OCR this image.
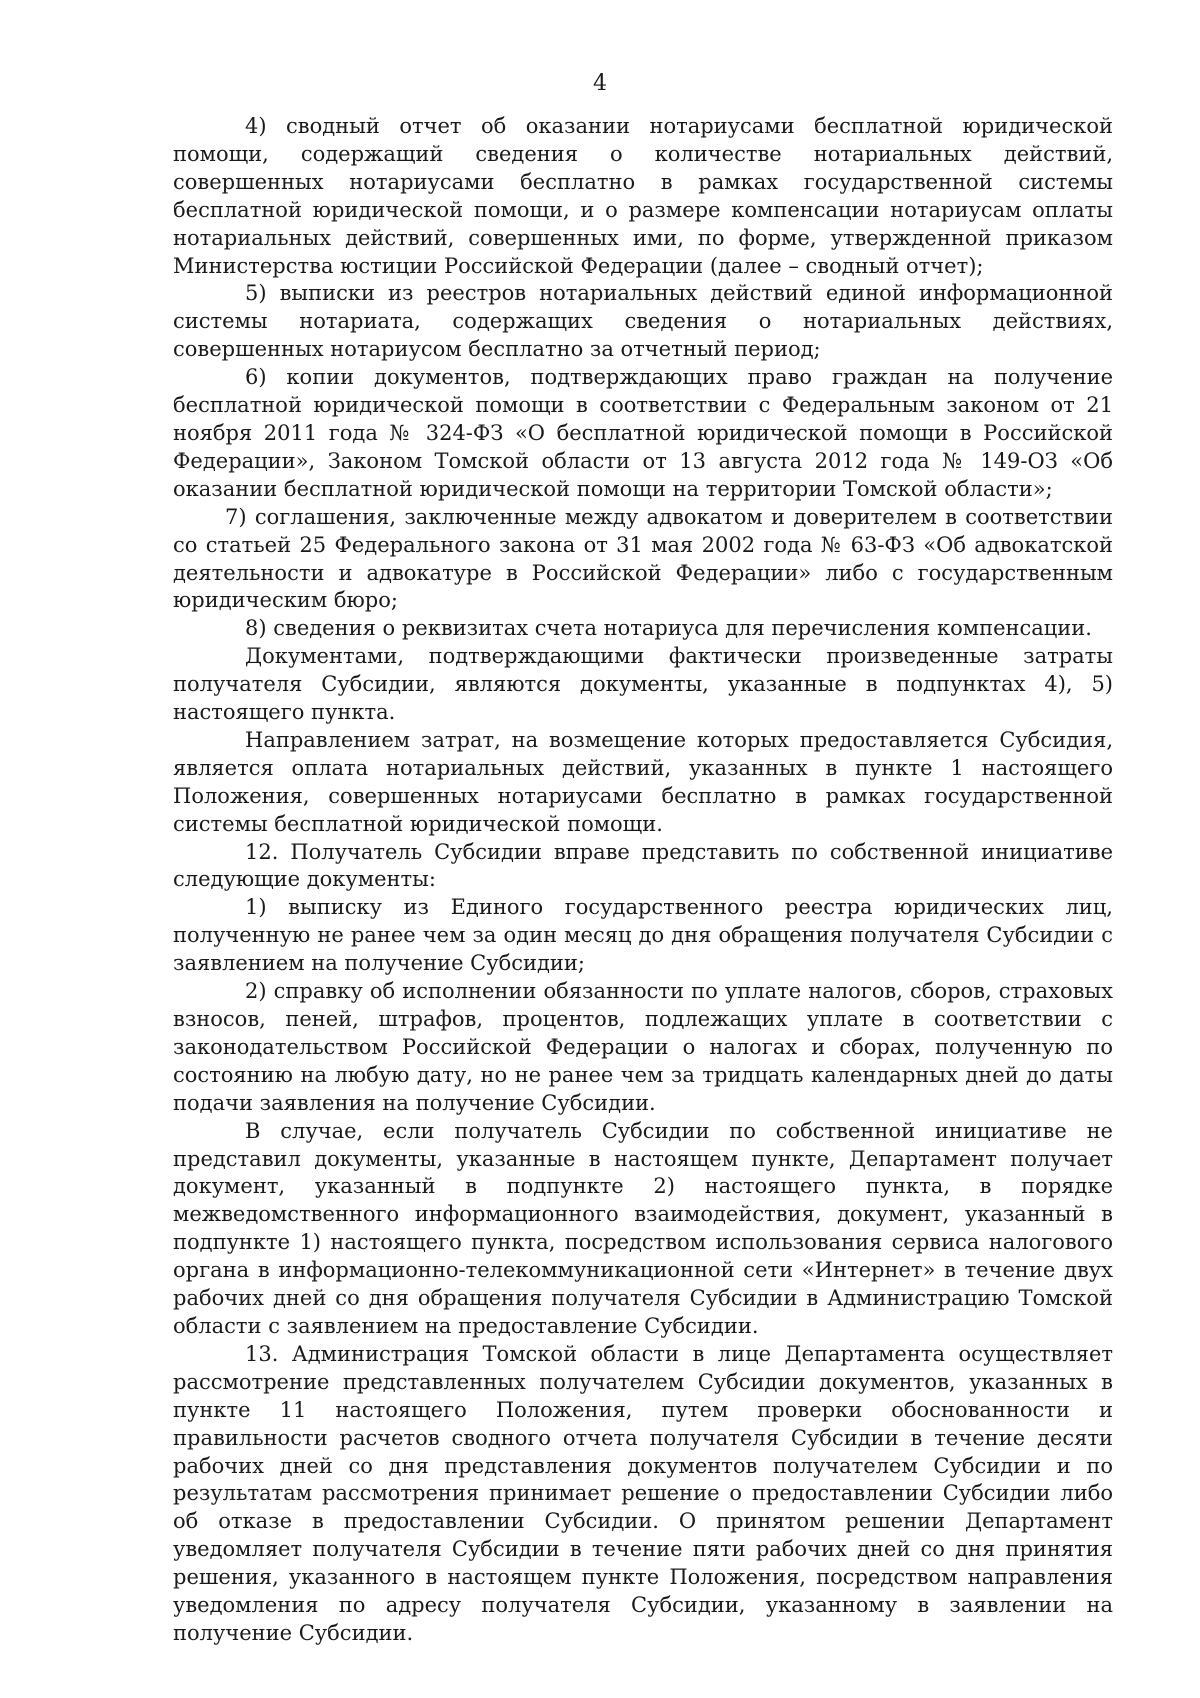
4

4) сводный отчет об оказании нотариусами бесплатной юридической помощи, содержащий сведения о количестве нотариальных действий, совершенных нотариусами бесплатно в рамках государственной системы бесплатной юридической помощи, и о размере компенсации нотариусам оплаты нотариальных действий, совершенных ими, по форме, утвержденной приказом Министерства юстиции Российской Федерации (далее – сводный отчет);

5) выписки из реестров нотариальных действий единой информационной системы нотариата, содержащих сведения о нотариальных действиях, совершенных нотариусом бесплатно за отчетный период;

6) копии документов, подтверждающих право граждан на получение бесплатной юридической помощи в соответствии с Федеральным законом от 21 ноября 2011 года № 324-ФЗ «О бесплатной юридической помощи в Российской Федерации», Законом Томской области от 13 августа 2012 года № 149-ОЗ «Об оказании бесплатной юридической помощи на территории Томской области»;

7) соглашения, заключенные между адвокатом и доверителем в соответствии со статьей 25 Федерального закона от 31 мая 2002 года № 63-ФЗ «Об адвокатской деятельности и адвокатуре в Российской Федерации» либо с государственным юридическим бюро;

8) сведения о реквизитах счета нотариуса для перечисления компенсации.

Документами, подтверждающими фактически произведенные затраты получателя Субсидии, являются документы, указанные в подпунктах 4), 5) настоящего пункта.

Направлением затрат, на возмещение которых предоставляется Субсидия, является оплата нотариальных действий, указанных в пункте 1 настоящего Положения, совершенных нотариусами бесплатно в рамках государственной системы бесплатной юридической помощи.

12. Получатель Субсидии вправе представить по собственной инициативе следующие документы:

1) выписку из Единого государственного реестра юридических лиц, полученную не ранее чем за один месяц до дня обращения получателя Субсидии с заявлением на получение Субсидии;

2) справку об исполнении обязанности по уплате налогов, сборов, страховых взносов, пеней, штрафов, процентов, подлежащих уплате в соответствии с законодательством Российской Федерации о налогах и сборах, полученную по состоянию на любую дату, но не ранее чем за тридцать календарных дней до даты подачи заявления на получение Субсидии.

В случае, если получатель Субсидии по собственной инициативе не представил документы, указанные в настоящем пункте, Департамент получает документ, указанный в подпункте 2) настоящего пункта, в порядке межведомственного информационного взаимодействия, документ, указанный в подпункте 1) настоящего пункта, посредством использования сервиса налогового органа в информационно-телекоммуникационной сети «Интернет» в течение двух рабочих дней со дня обращения получателя Субсидии в Администрацию Томской области с заявлением на предоставление Субсидии.

13. Администрация Томской области в лице Департамента осуществляет рассмотрение представленных получателем Субсидии документов, указанных в пункте 11 настоящего Положения, путем проверки обоснованности и правильности расчетов сводного отчета получателя Субсидии в течение десяти рабочих дней со дня представления документов получателем Субсидии и по результатам рассмотрения принимает решение о предоставлении Субсидии либо об отказе в предоставлении Субсидии. О принятом решении Департамент уведомляет получателя Субсидии в течение пяти рабочих дней со дня принятия решения, указанного в настоящем пункте Положения, посредством направления уведомления по адресу получателя Субсидии, указанному в заявлении на получение Субсидии.
